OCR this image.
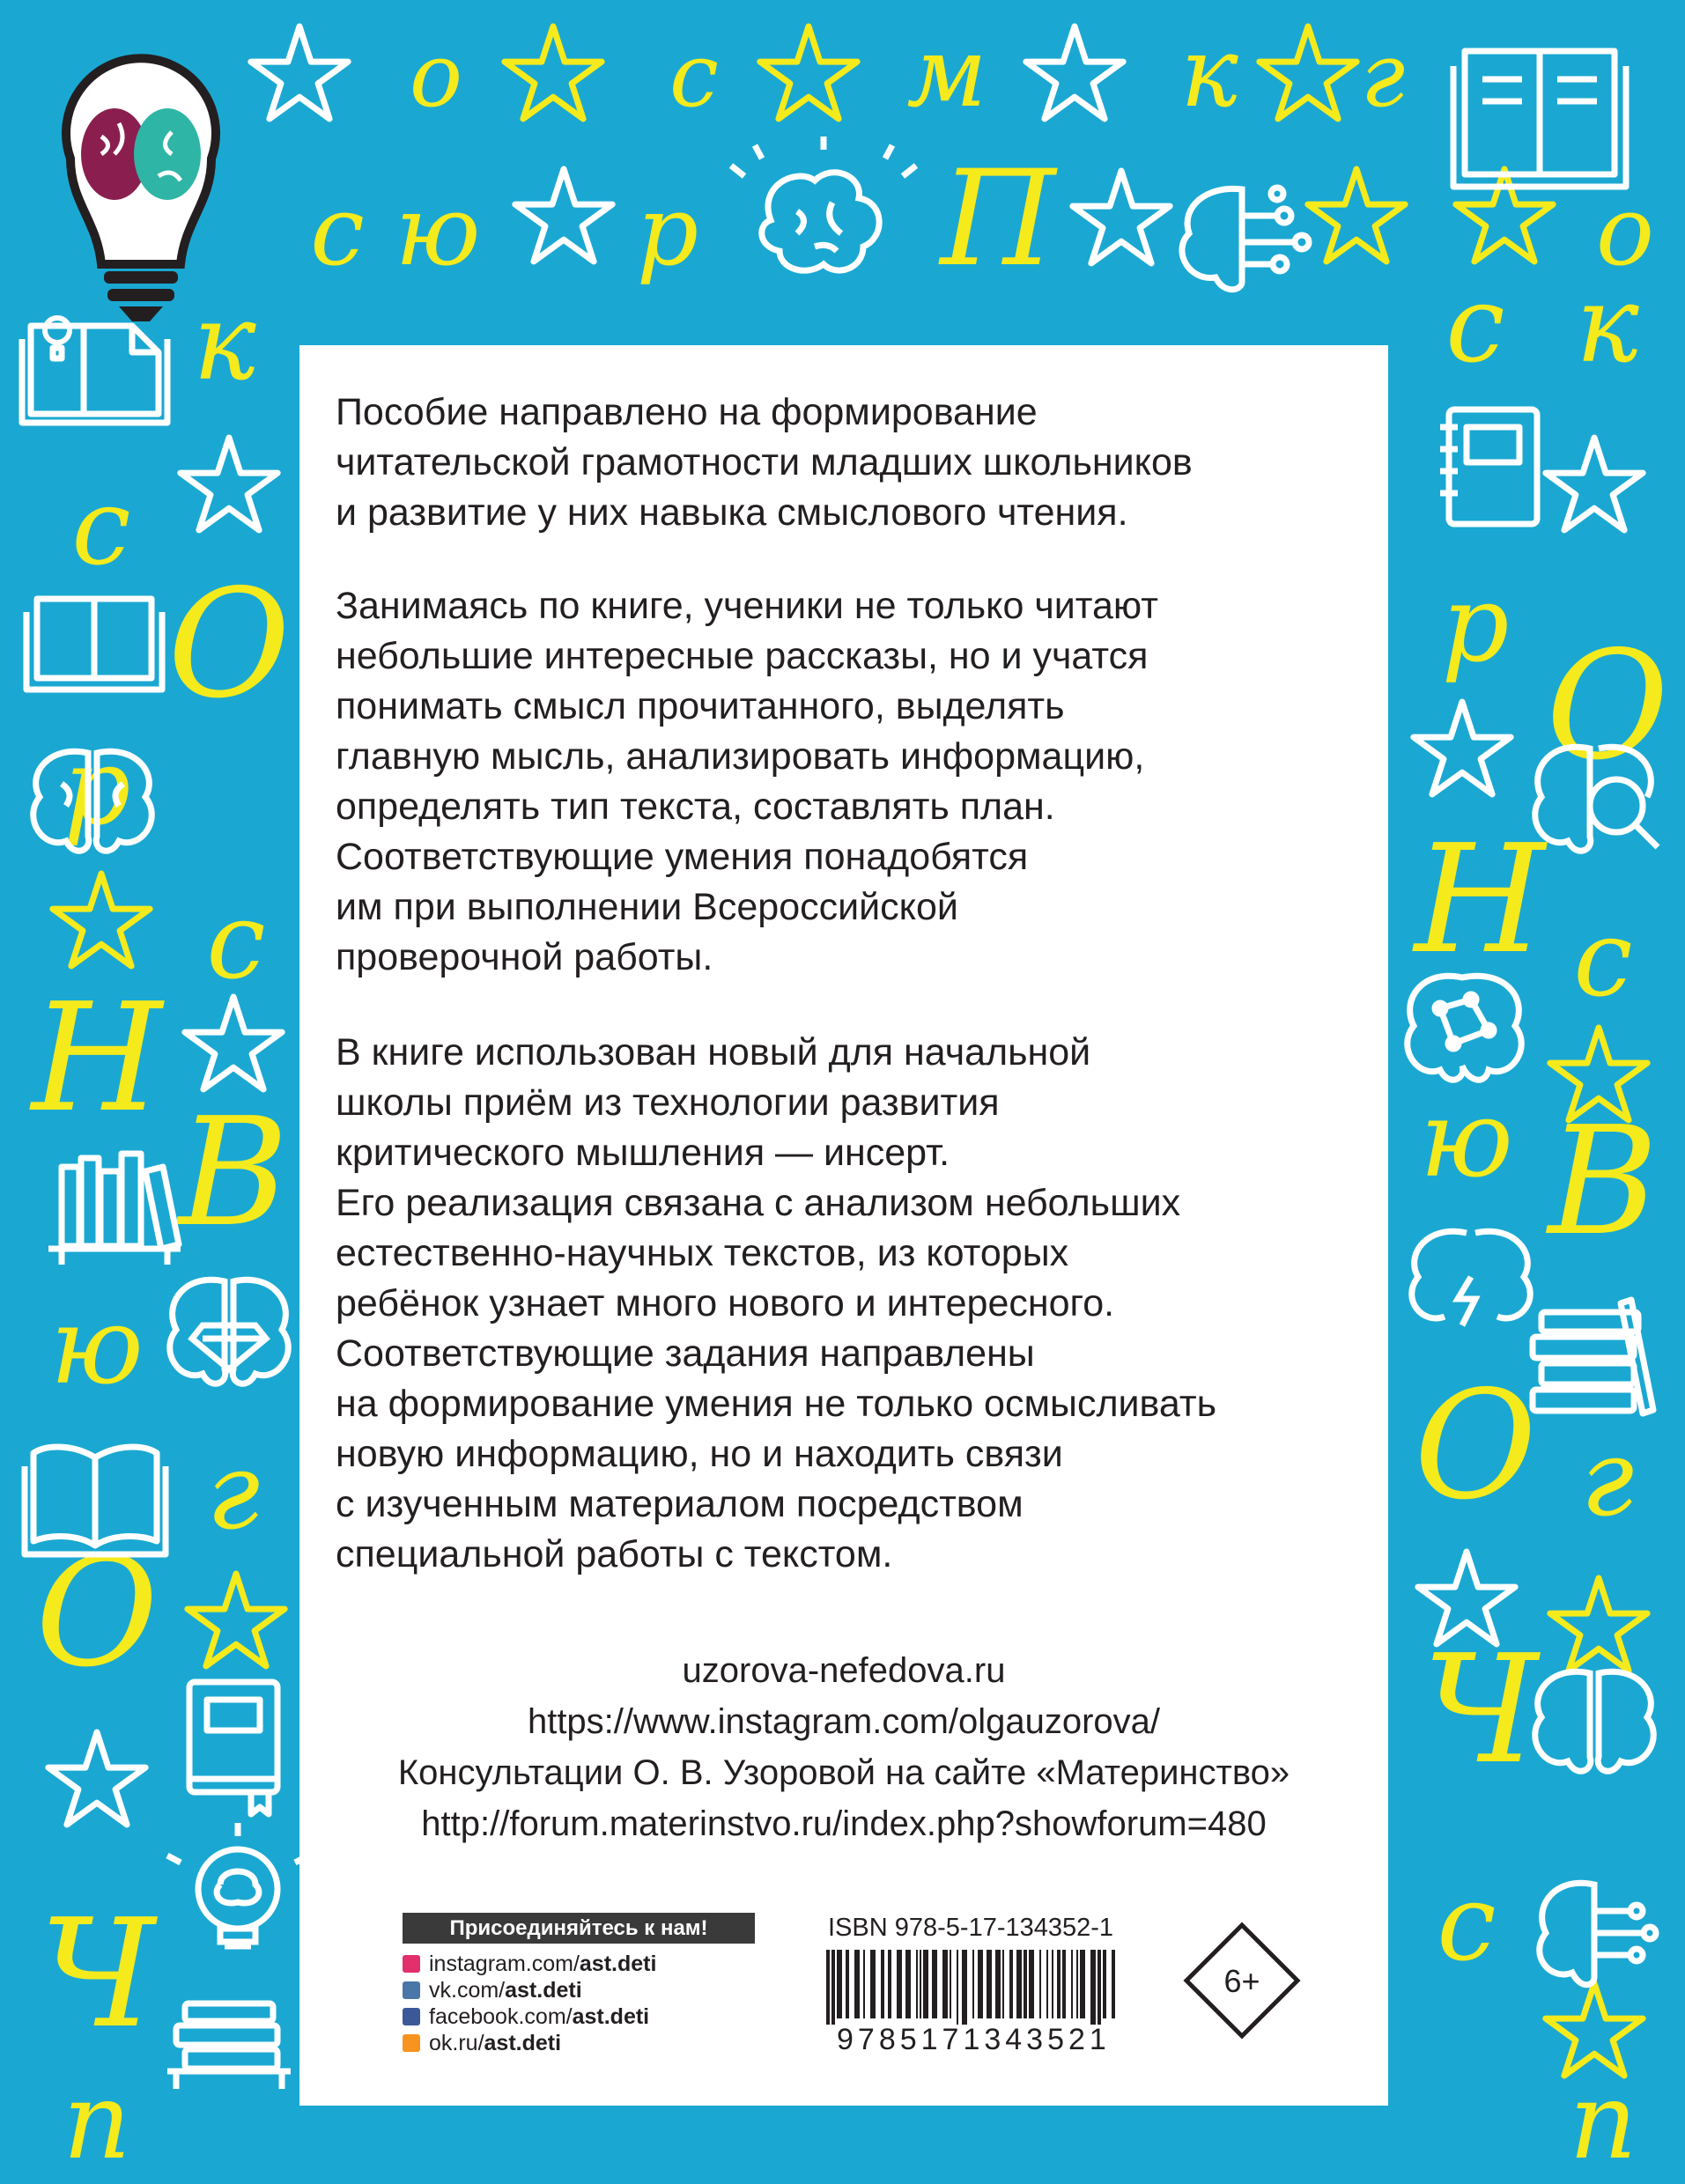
о с м к г
с ю р П	о
к
с
О
р
с
Н
В
ю
г
О
Ч
п
с к
р О
Н с
ю В
О г
Ч
с
п

Пособие направлено на формирование
читательской грамотности младших школьников
и развитие у них навыка смыслового чтения.

Занимаясь по книге, ученики не только читают
небольшие интересные рассказы, но и учатся
понимать смысл прочитанного, выделять
главную мысль, анализировать информацию,
определять тип текста, составлять план.
Соответствующие умения понадобятся
им при выполнении Всероссийской
проверочной работы.

В книге использован новый для начальной
школы приём из технологии развития
критического мышления — инсерт.
Его реализация связана с анализом небольших
естественно-научных текстов, из которых
ребёнок узнает много нового и интересного.
Соответствующие задания направлены
на формирование умения не только осмысливать
новую информацию, но и находить связи
с изученным материалом посредством
специальной работы с текстом.

uzorova-nefedova.ru
https://www.instagram.com/olgauzorova/
Консультации О. В. Узоровой на сайте «Материнство»
http://forum.materinstvo.ru/index.php?showforum=480
Присоединяйтесь к нам!
instagram.com/ ast.deti
vk.com/ ast.deti
facebook.com/ ast.deti
ok.ru/ ast.deti
ISBN 978-5-17-134352-1
9785171343521
6+
